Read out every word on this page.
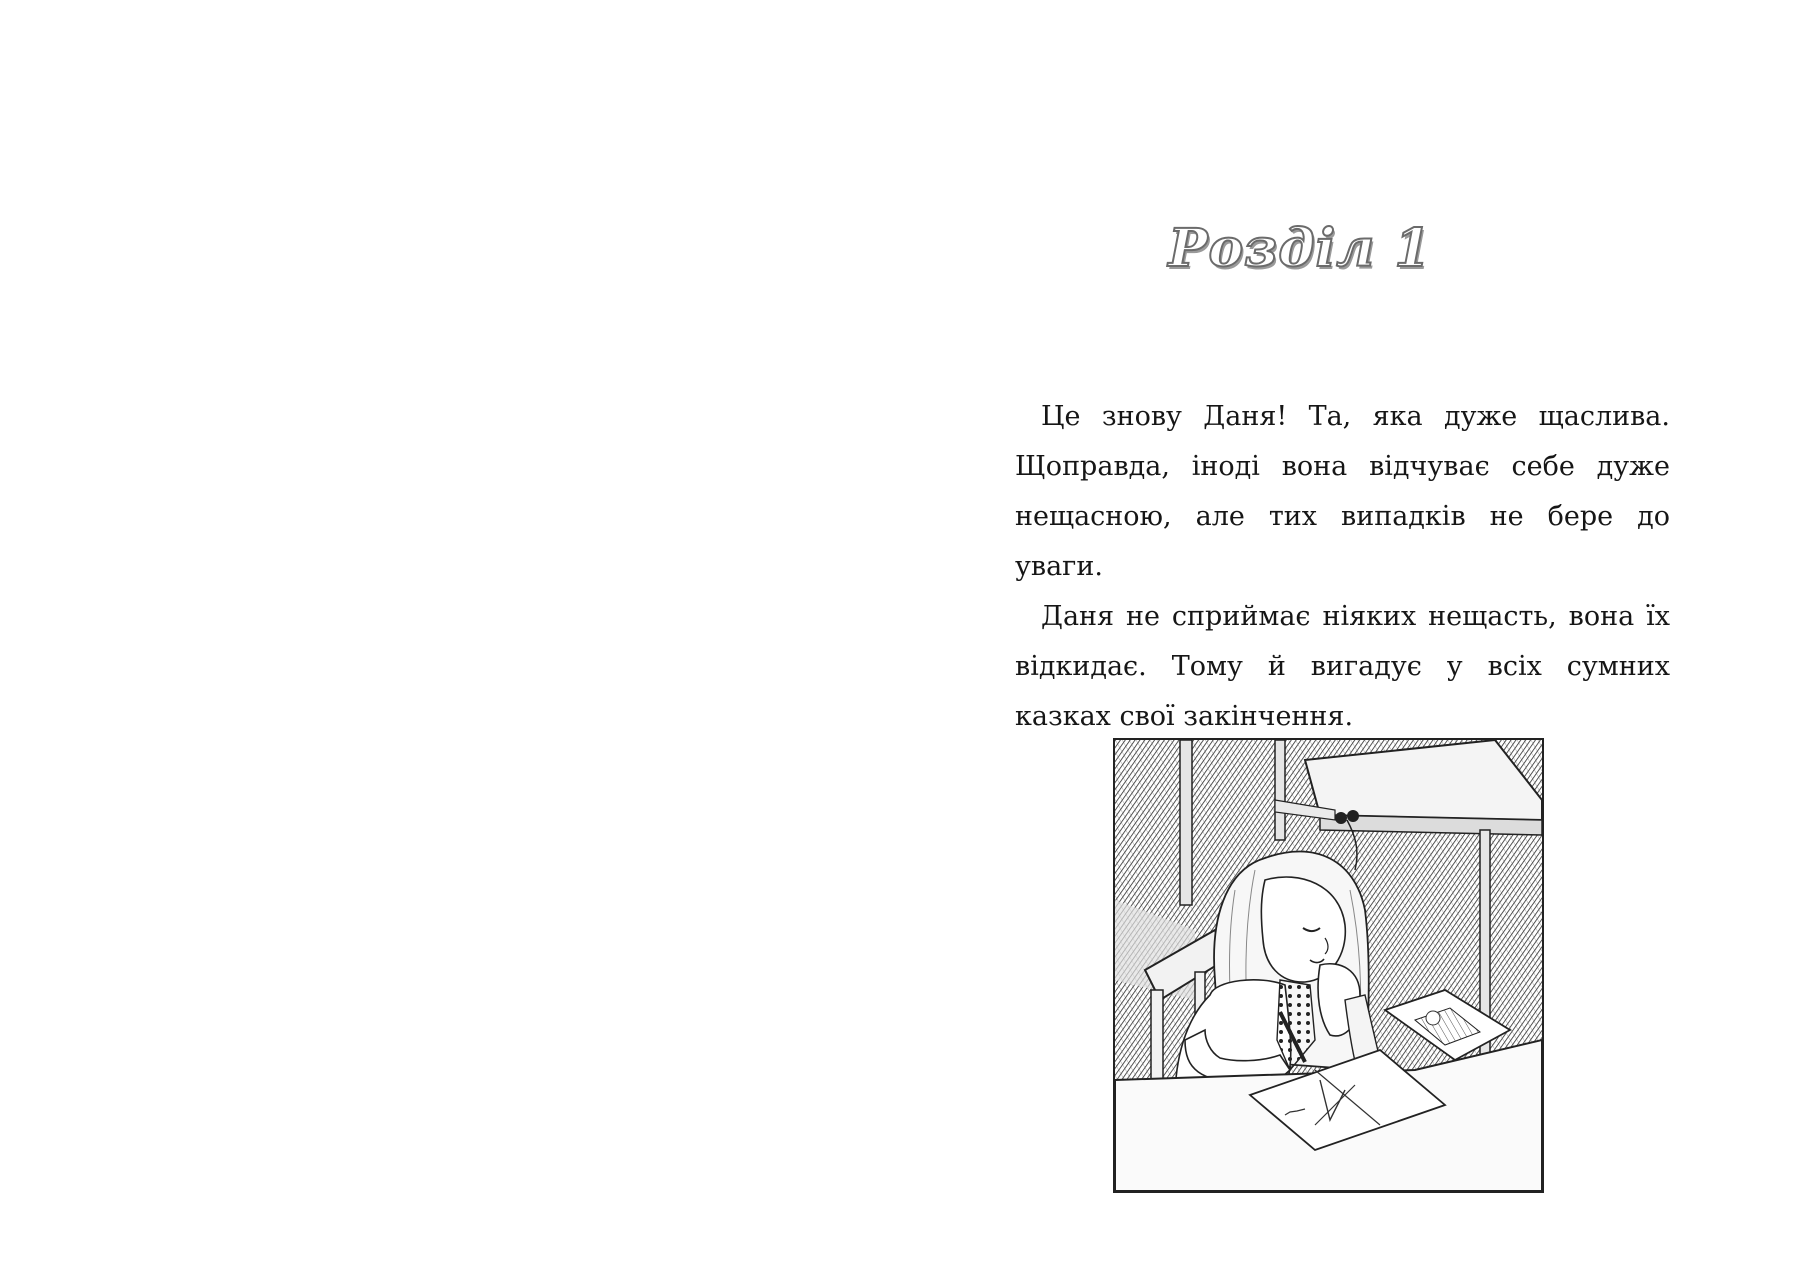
Розділ 1

Це знову Даня! Та, яка дуже щаслива. Щоправда, іноді вона відчуває себе дуже нещасною, але тих випадків не бере до уваги.

Даня не сприймає ніяких нещасть, вона їх відкидає. Тому й вигадує у всіх сумних казках свої закінчення.
